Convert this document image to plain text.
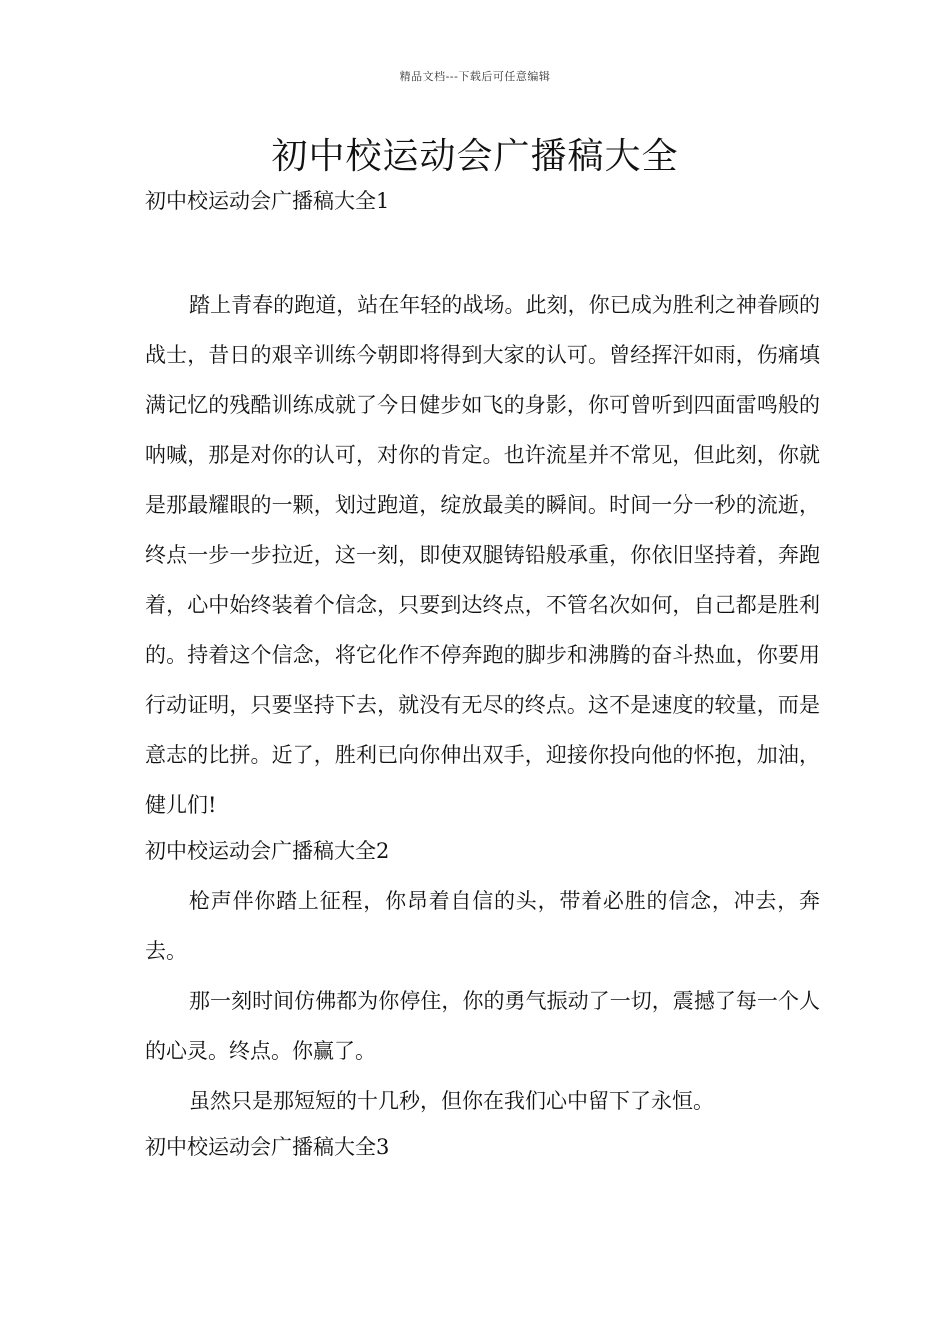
精品文档---下载后可任意编辑
初中校运动会广播稿大全

初中校运动会广播稿大全1

踏上青春的跑道，站在年轻的战场。此刻，你已成为胜利之神眷顾的战士，昔日的艰辛训练今朝即将得到大家的认可。曾经挥汗如雨，伤痛填满记忆的残酷训练成就了今日健步如飞的身影，你可曾听到四面雷鸣般的呐喊，那是对你的认可，对你的肯定。也许流星并不常见，但此刻，你就是那最耀眼的一颗，划过跑道，绽放最美的瞬间。时间一分一秒的流逝，终点一步一步拉近，这一刻，即使双腿铸铅般承重，你依旧坚持着，奔跑着，心中始终装着个信念，只要到达终点，不管名次如何，自己都是胜利的。持着这个信念，将它化作不停奔跑的脚步和沸腾的奋斗热血，你要用行动证明，只要坚持下去，就没有无尽的终点。这不是速度的较量，而是意志的比拼。近了，胜利已向你伸出双手，迎接你投向他的怀抱，加油，健儿们!

初中校运动会广播稿大全2

枪声伴你踏上征程，你昂着自信的头，带着必胜的信念，冲去，奔去。

那一刻时间仿佛都为你停住，你的勇气振动了一切，震撼了每一个人的心灵。终点。你赢了。

虽然只是那短短的十几秒，但你在我们心中留下了永恒。

初中校运动会广播稿大全3
